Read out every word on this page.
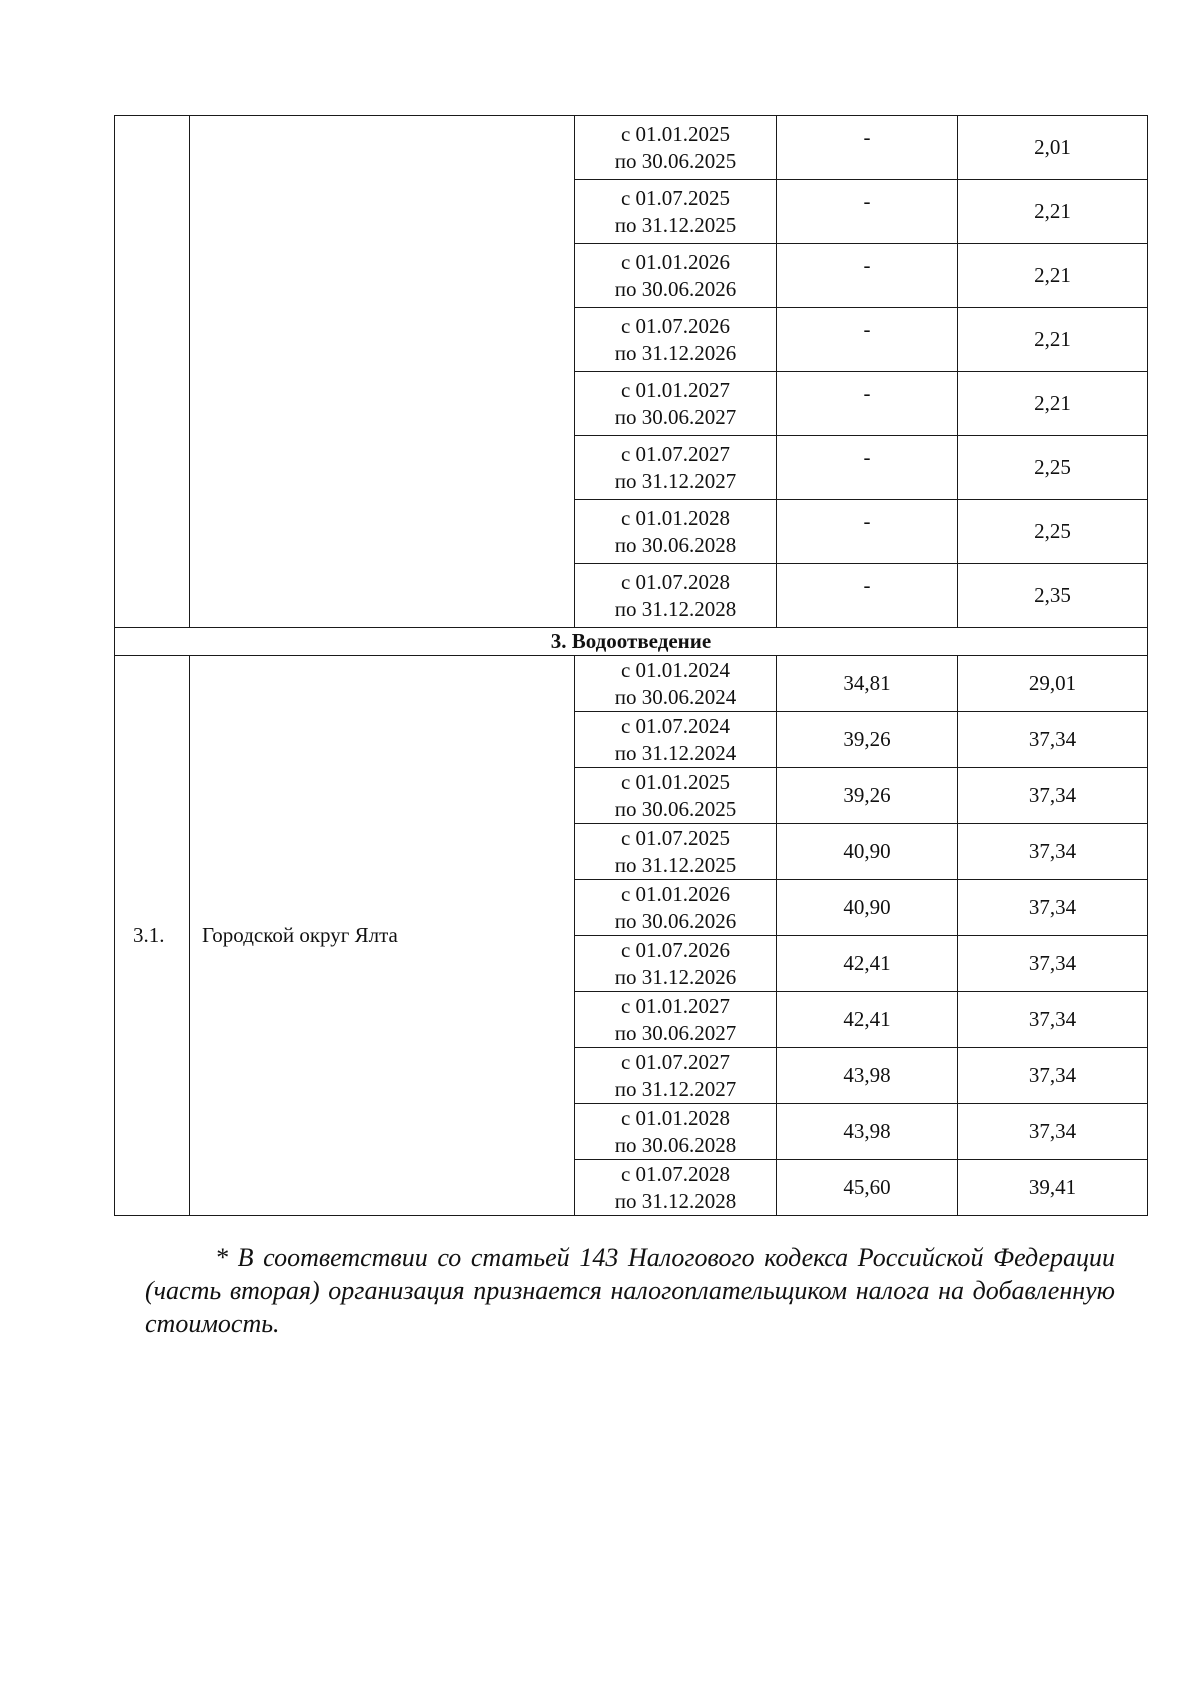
		с 01.01.2025
по 30.06.2025	-	2,01

		с 01.07.2025
по 31.12.2025	-	2,21

		с 01.01.2026
по 30.06.2026	-	2,21

		с 01.07.2026
по 31.12.2026	-	2,21

		с 01.01.2027
по 30.06.2027	-	2,21

		с 01.07.2027
по 31.12.2027	-	2,25

		с 01.01.2028
по 30.06.2028	-	2,25

		с 01.07.2028
по 31.12.2028	-	2,35
3. Водоотведение				
3.1.	Городской округ Ялта	с 01.01.2024
по 30.06.2024	34,81	29,01

		с 01.07.2024
по 31.12.2024	39,26	37,34

		с 01.01.2025
по 30.06.2025	39,26	37,34

		с 01.07.2025
по 31.12.2025	40,90	37,34

		с 01.01.2026
по 30.06.2026	40,90	37,34

		с 01.07.2026
по 31.12.2026	42,41	37,34

		с 01.01.2027
по 30.06.2027	42,41	37,34

		с 01.07.2027
по 31.12.2027	43,98	37,34

		с 01.01.2028
по 30.06.2028	43,98	37,34

		с 01.07.2028
по 31.12.2028	45,60	39,41

* В соответствии со статьей 143 Налогового кодекса Российской Федерации (часть вторая) организация признается налогоплательщиком налога на добавленную стоимость.
